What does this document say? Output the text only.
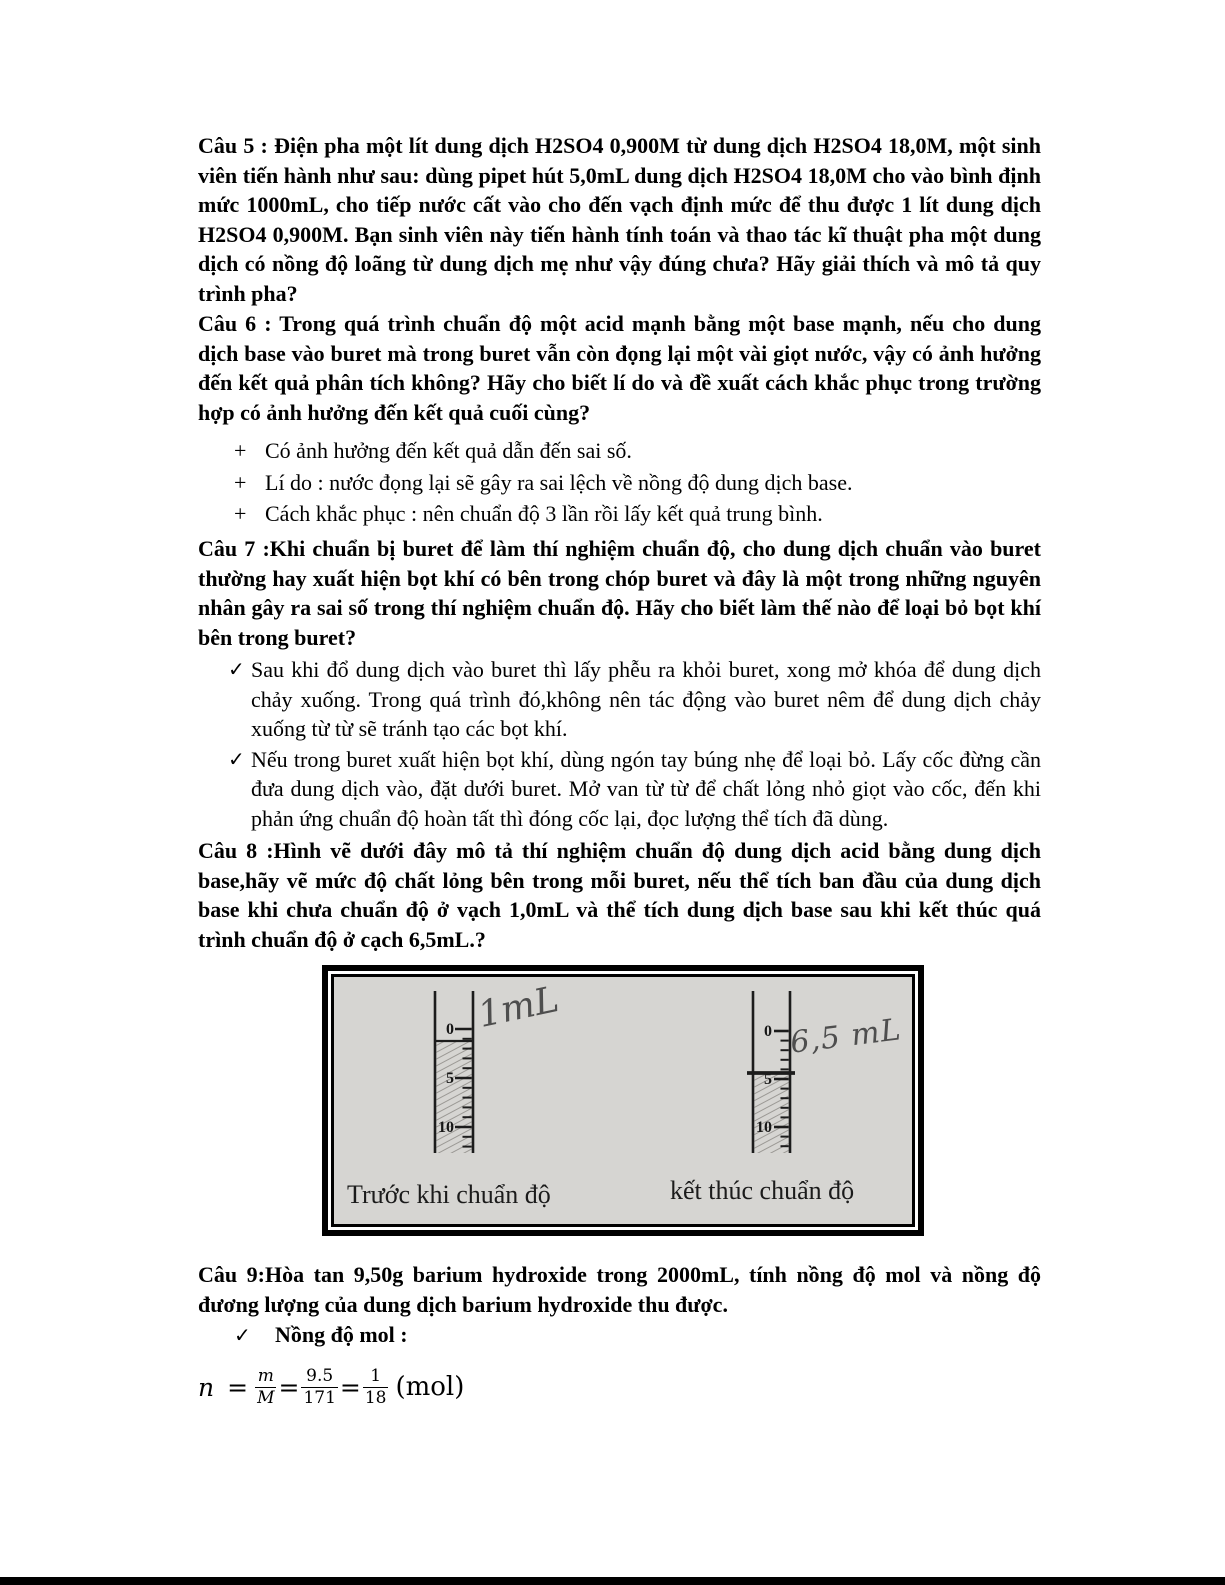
Câu 5 : Điện pha một lít dung dịch H2SO4 0,900M từ dung dịch H2SO4 18,0M, một sinh viên tiến hành như sau: dùng pipet hút 5,0mL dung dịch H2SO4 18,0M cho vào bình định mức 1000mL, cho tiếp nước cất vào cho đến vạch định mức để thu được 1 lít dung dịch H2SO4 0,900M. Bạn sinh viên này tiến hành tính toán và thao tác kĩ thuật pha một dung dịch có nồng độ loãng từ dung dịch mẹ như vậy đúng chưa? Hãy giải thích và mô tả quy trình pha?

Câu 6 : Trong quá trình chuẩn độ một acid mạnh bằng một base mạnh, nếu cho dung dịch base vào buret mà trong buret vẫn còn đọng lại một vài giọt nước, vậy có ảnh hưởng đến kết quả phân tích không? Hãy cho biết lí do và đề xuất cách khắc phục trong trường hợp có ảnh hưởng đến kết quả cuối cùng?

+ Có ảnh hưởng đến kết quả dẫn đến sai số.
+ Lí do : nước đọng lại sẽ gây ra sai lệch về nồng độ dung dịch base.
+ Cách khắc phục : nên chuẩn độ 3 lần rồi lấy kết quả trung bình.

Câu 7 :Khi chuẩn bị buret để làm thí nghiệm chuẩn độ, cho dung dịch chuẩn vào buret thường hay xuất hiện bọt khí có bên trong chóp buret và đây là một trong những nguyên nhân gây ra sai số trong thí nghiệm chuẩn độ. Hãy cho biết làm thế nào để loại bỏ bọt khí bên trong buret?

✓ Sau khi đổ dung dịch vào buret thì lấy phễu ra khỏi buret, xong mở khóa để dung dịch chảy xuống. Trong quá trình đó,không nên tác động vào buret nêm để dung dịch chảy xuống từ từ sẽ tránh tạo các bọt khí.
✓ Nếu trong buret xuất hiện bọt khí, dùng ngón tay búng nhẹ để loại bỏ. Lấy cốc đừng cần đưa dung dịch vào, đặt dưới buret. Mở van từ từ để chất lỏng nhỏ giọt vào cốc, đến khi phản ứng chuẩn độ hoàn tất thì đóng cốc lại, đọc lượng thể tích đã dùng.

Câu 8 :Hình vẽ dưới đây mô tả thí nghiệm chuẩn độ dung dịch acid bằng dung dịch base,hãy vẽ mức độ chất lỏng bên trong mỗi buret, nếu thể tích ban đầu của dung dịch base khi chưa chuẩn độ ở vạch 1,0mL và thể tích dung dịch base sau khi kết thúc quá trình chuẩn độ ở cạch 6,5mL.?

0
5
10
0
5
10
1mL
6,5 mL
Trước khi chuẩn độ	kết thúc chuẩn độ

Câu 9:Hòa tan 9,50g barium hydroxide trong 2000mL, tính nồng độ mol và nồng độ đương lượng của dung dịch barium hydroxide thu được.

✓ Nồng độ mol :
$n = \frac{m}{M} = \frac{9.5}{171} = \frac{1}{18} (mol)$
